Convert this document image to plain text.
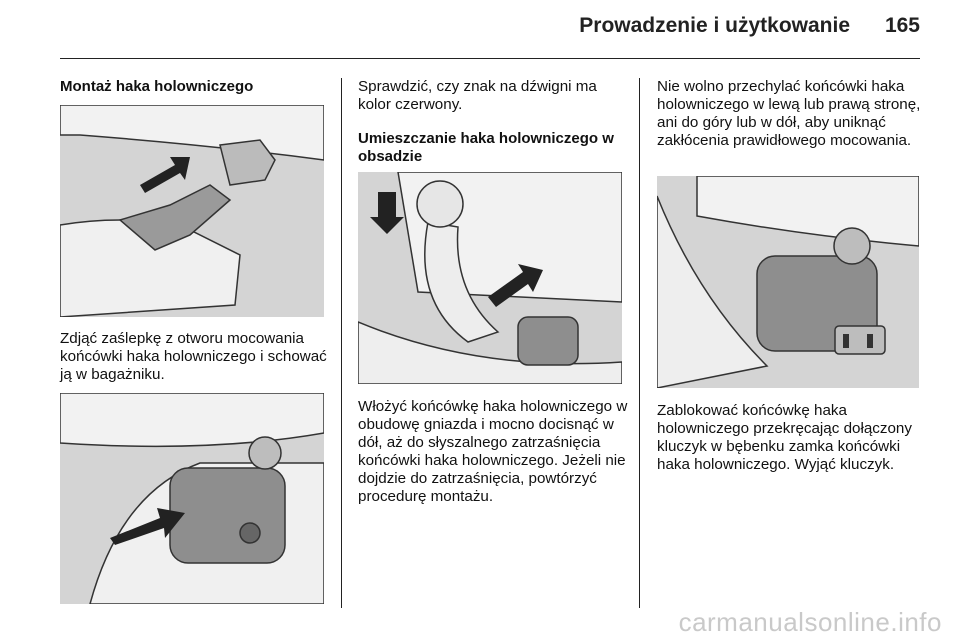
Prowadzenie i użytkowanie 165
Montaż haka holowniczego
Zdjąć zaślepkę z otworu mocowania końcówki haka holowniczego i schować ją w bagażniku.
Sprawdzić, czy znak na dźwigni ma kolor czerwony.
Umieszczanie haka holowniczego w obsadzie
Włożyć końcówkę haka holowniczego w obudowę gniazda i mocno docisnąć w dół, aż do słyszalnego zatrzaśnięcia końcówki haka holowniczego. Jeżeli nie dojdzie do zatrzaśnięcia, powtórzyć procedurę montażu.
Nie wolno przechylać końcówki haka holowniczego w lewą lub prawą stronę, ani do góry lub w dół, aby uniknąć zakłócenia prawidłowego mocowania.
Zablokować końcówkę haka holowniczego przekręcając dołączony kluczyk w bębenku zamka końcówki haka holowniczego. Wyjąć kluczyk.
carmanualsonline.info
